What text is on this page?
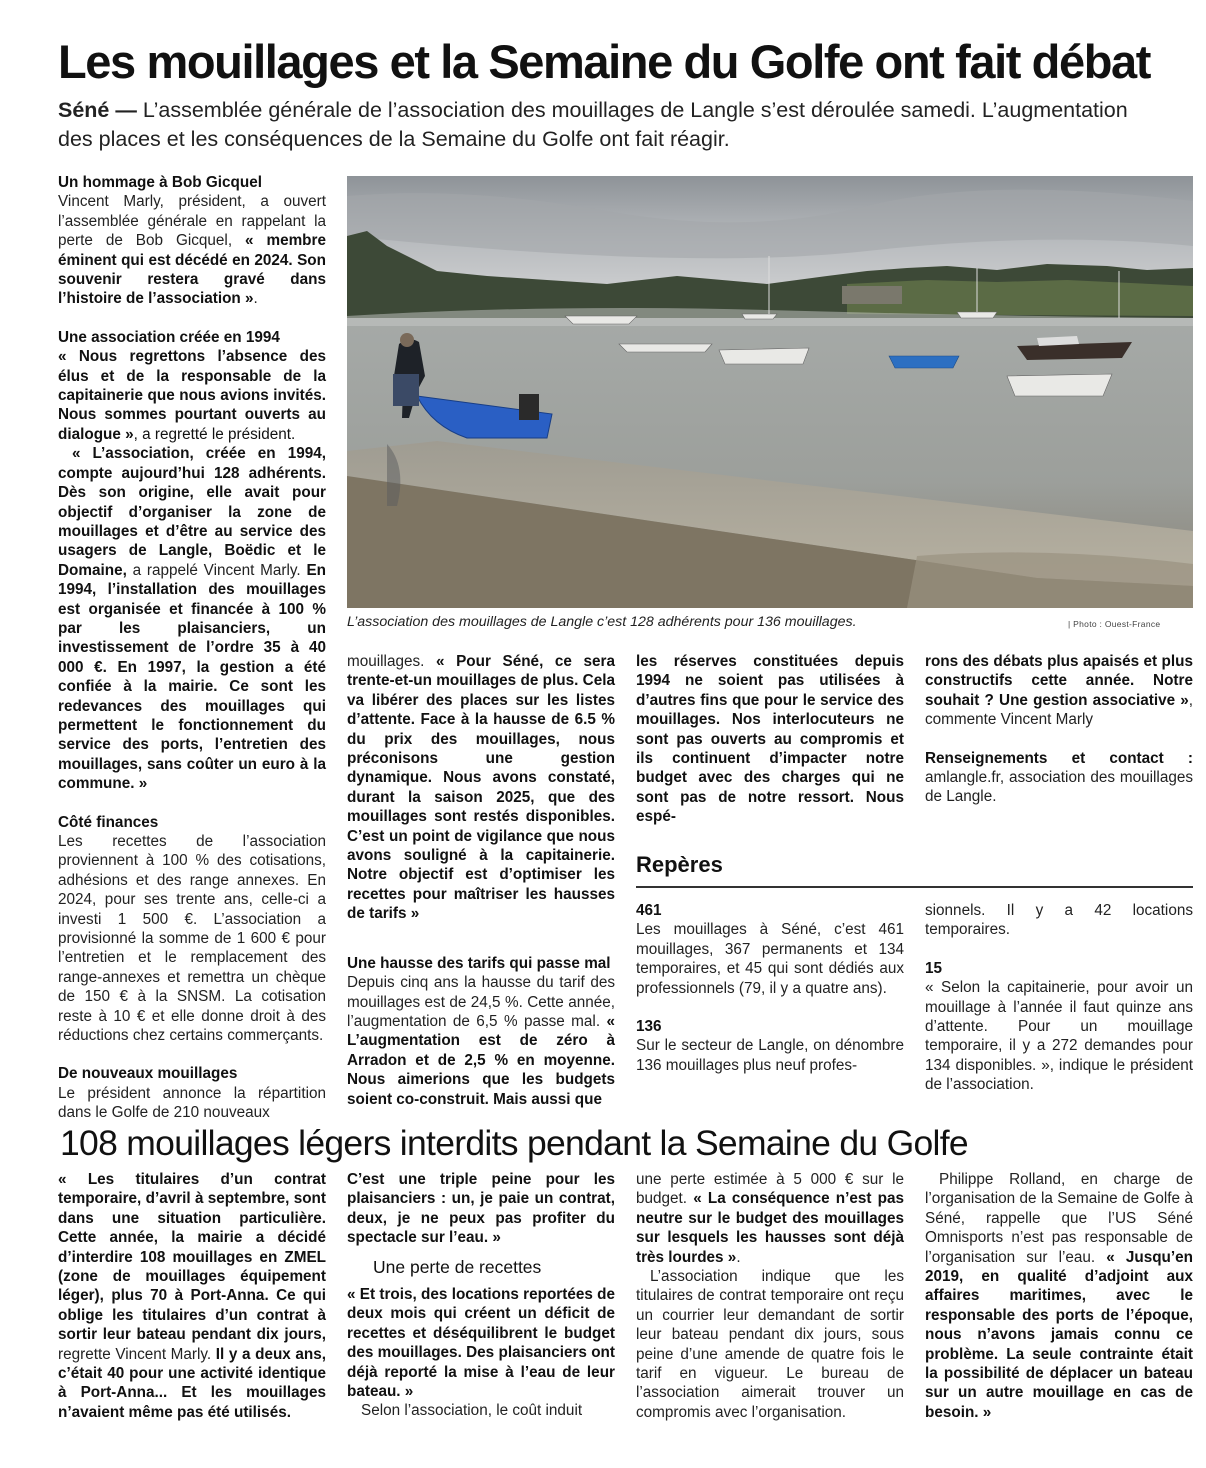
Les mouillages et la Semaine du Golfe ont fait débat
Séné — L’assemblée générale de l’association des mouillages de Langle s’est déroulée samedi. L’augmentation des places et les conséquences de la Semaine du Golfe ont fait réagir.

Un hommage à Bob Gicquel

Vincent Marly, président, a ouvert l’assemblée générale en rappelant la perte de Bob Gicquel, « membre éminent qui est décédé en 2024. Son souvenir restera gravé dans l’histoire de l’association ».

Une association créée en 1994

« Nous regrettons l’absence des élus et de la responsable de la capitainerie que nous avions invités. Nous sommes pourtant ouverts au dialogue », a regretté le président.

« L’association, créée en 1994, compte aujourd’hui 128 adhérents. Dès son origine, elle avait pour objectif d’organiser la zone de mouillages et d’être au service des usagers de Langle, Boëdic et le Domaine, a rappelé Vincent Marly. En 1994, l’installation des mouillages est organisée et financée à 100 % par les plaisanciers, un investissement de l’ordre 35 à 40 000 €. En 1997, la gestion a été confiée à la mairie. Ce sont les redevances des mouillages qui permettent le fonctionnement du service des ports, l’entretien des mouillages, sans coûter un euro à la commune. »

Côté finances

Les recettes de l’association proviennent à 100 % des cotisations, adhésions et des range annexes. En 2024, pour ses trente ans, celle-ci a investi 1 500 €. L’association a provisionné la somme de 1 600 € pour l’entretien et le remplacement des range-annexes et remettra un chèque de 150 € à la SNSM. La cotisation reste à 10 € et elle donne droit à des réductions chez certains commerçants.

De nouveaux mouillages

Le président annonce la répartition dans le Golfe de 210 nouveaux

L’association des mouillages de Langle c’est 128 adhérents pour 136 mouillages.	| Photo : Ouest-France

mouillages. « Pour Séné, ce sera trente-et-un mouillages de plus. Cela va libérer des places sur les listes d’attente. Face à la hausse de 6.5 % du prix des mouillages, nous préconisons une gestion dynamique. Nous avons constaté, durant la saison 2025, que des mouillages sont restés disponibles. C’est un point de vigilance que nous avons souligné à la capitainerie. Notre objectif est d’optimiser les recettes pour maîtriser les hausses de tarifs »

Une hausse des tarifs qui passe mal

Depuis cinq ans la hausse du tarif des mouillages est de 24,5 %. Cette année, l’augmentation de 6,5 % passe mal. « L’augmentation est de zéro à Arradon et de 2,5 % en moyenne. Nous aimerions que les budgets soient co-construit. Mais aussi que

les réserves constituées depuis 1994 ne soient pas utilisées à d’autres fins que pour le service des mouillages. Nos interlocuteurs ne sont pas ouverts au compromis et ils continuent d’impacter notre budget avec des charges qui ne sont pas de notre ressort. Nous espé-

rons des débats plus apaisés et plus constructifs cette année. Notre souhait ? Une gestion associative », commente Vincent Marly

Renseignements et contact : amlangle.fr, association des mouillages de Langle.

Repères

461

Les mouillages à Séné, c’est 461 mouillages, 367 permanents et 134 temporaires, et 45 qui sont dédiés aux professionnels (79, il y a quatre ans).

136

Sur le secteur de Langle, on dénombre 136 mouillages plus neuf profes-

sionnels. Il y a 42 locations temporaires.

15

« Selon la capitainerie, pour avoir un mouillage à l’année il faut quinze ans d’attente. Pour un mouillage temporaire, il y a 272 demandes pour 134 disponibles. », indique le président de l’association.

108 mouillages légers interdits pendant la Semaine du Golfe

« Les titulaires d’un contrat temporaire, d’avril à septembre, sont dans une situation particulière. Cette année, la mairie a décidé d’interdire 108 mouillages en ZMEL (zone de mouillages équipement léger), plus 70 à Port-Anna. Ce qui oblige les titulaires d’un contrat à sortir leur bateau pendant dix jours, regrette Vincent Marly. Il y a deux ans, c’était 40 pour une activité identique à Port-Anna... Et les mouillages n’avaient même pas été utilisés.

C’est une triple peine pour les plaisanciers : un, je paie un contrat, deux, je ne peux pas profiter du spectacle sur l’eau. »

Une perte de recettes

« Et trois, des locations reportées de deux mois qui créent un déficit de recettes et déséquilibrent le budget des mouillages. Des plaisanciers ont déjà reporté la mise à l’eau de leur bateau. »

Selon l’association, le coût induit

une perte estimée à 5 000 € sur le budget. « La conséquence n’est pas neutre sur le budget des mouillages sur lesquels les hausses sont déjà très lourdes ».

L’association indique que les titulaires de contrat temporaire ont reçu un courrier leur demandant de sortir leur bateau pendant dix jours, sous peine d’une amende de quatre fois le tarif en vigueur. Le bureau de l’association aimerait trouver un compromis avec l’organisation.

Philippe Rolland, en charge de l’organisation de la Semaine de Golfe à Séné, rappelle que l’US Séné Omnisports n’est pas responsable de l’organisation sur l’eau. « Jusqu’en 2019, en qualité d’adjoint aux affaires maritimes, avec le responsable des ports de l’époque, nous n’avons jamais connu ce problème. La seule contrainte était la possibilité de déplacer un bateau sur un autre mouillage en cas de besoin. »
